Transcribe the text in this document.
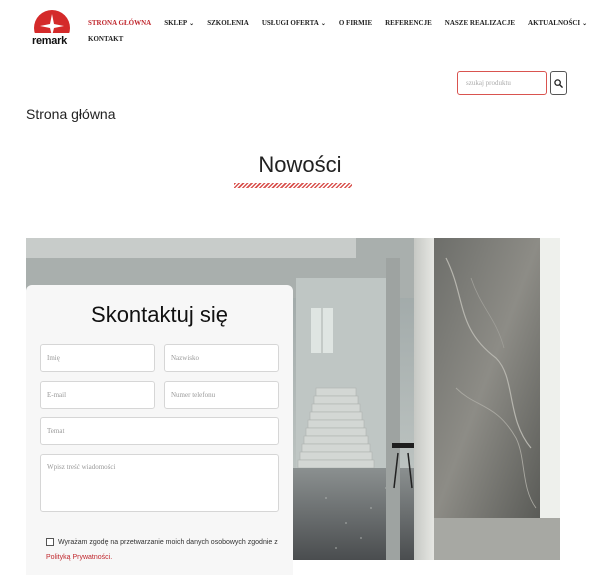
remark
STRONA GŁÓWNA SKLEP ⌄ SZKOLENIA USŁUGI OFERTA ⌄ O FIRMIE REFERENCJE NASZE REALIZACJE AKTUALNOŚCI ⌄
KONTAKT
szukaj produktu
Strona główna
Nowości
Skontaktuj się
Imię
Nazwisko
E-mail
Numer telefonu
Temat
Wpisz treść wiadomości
Wyrażam zgodę na przetwarzanie moich danych osobowych zgodnie z
Polityką Prywatności.
